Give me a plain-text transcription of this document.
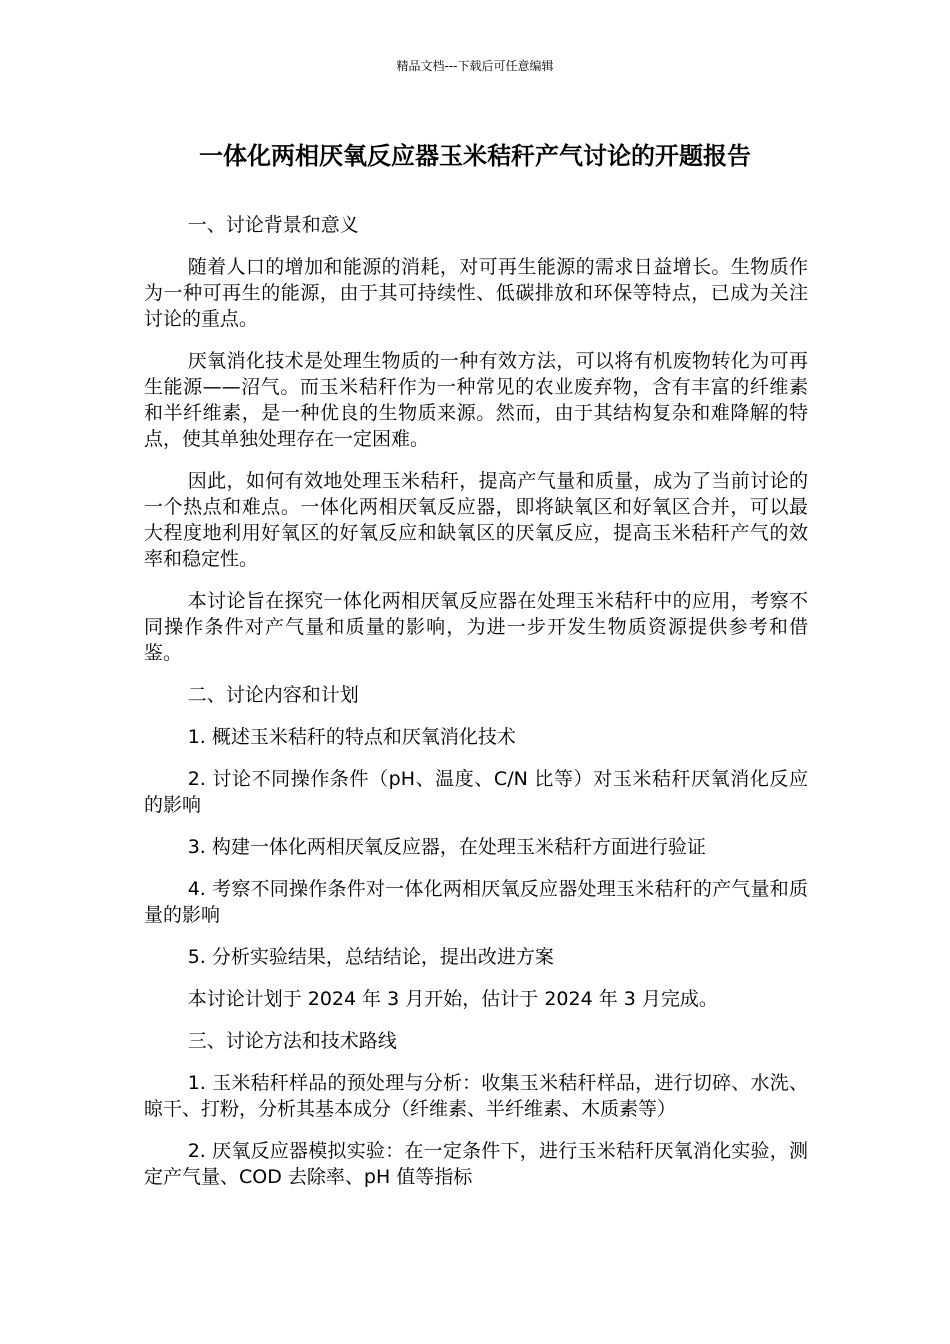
精品文档---下载后可任意编辑
一体化两相厌氧反应器玉米秸秆产气讨论的开题报告

一、讨论背景和意义

随着人口的增加和能源的消耗，对可再生能源的需求日益增长。生物质作为一种可再生的能源，由于其可持续性、低碳排放和环保等特点，已成为关注讨论的重点。

厌氧消化技术是处理生物质的一种有效方法，可以将有机废物转化为可再生能源——沼气。而玉米秸秆作为一种常见的农业废弃物，含有丰富的纤维素和半纤维素，是一种优良的生物质来源。然而，由于其结构复杂和难降解的特点，使其单独处理存在一定困难。

因此，如何有效地处理玉米秸秆，提高产气量和质量，成为了当前讨论的一个热点和难点。一体化两相厌氧反应器，即将缺氧区和好氧区合并，可以最大程度地利用好氧区的好氧反应和缺氧区的厌氧反应，提高玉米秸秆产气的效率和稳定性。

本讨论旨在探究一体化两相厌氧反应器在处理玉米秸秆中的应用，考察不同操作条件对产气量和质量的影响，为进一步开发生物质资源提供参考和借鉴。

二、讨论内容和计划

1. 概述玉米秸秆的特点和厌氧消化技术

2. 讨论不同操作条件（pH、温度、C/N 比等）对玉米秸秆厌氧消化反应的影响

3. 构建一体化两相厌氧反应器，在处理玉米秸秆方面进行验证

4. 考察不同操作条件对一体化两相厌氧反应器处理玉米秸秆的产气量和质量的影响

5. 分析实验结果，总结结论，提出改进方案

本讨论计划于 2024 年 3 月开始，估计于 2024 年 3 月完成。

三、讨论方法和技术路线

1. 玉米秸秆样品的预处理与分析：收集玉米秸秆样品，进行切碎、水洗、晾干、打粉，分析其基本成分（纤维素、半纤维素、木质素等）

2. 厌氧反应器模拟实验：在一定条件下，进行玉米秸秆厌氧消化实验，测定产气量、COD 去除率、pH 值等指标
